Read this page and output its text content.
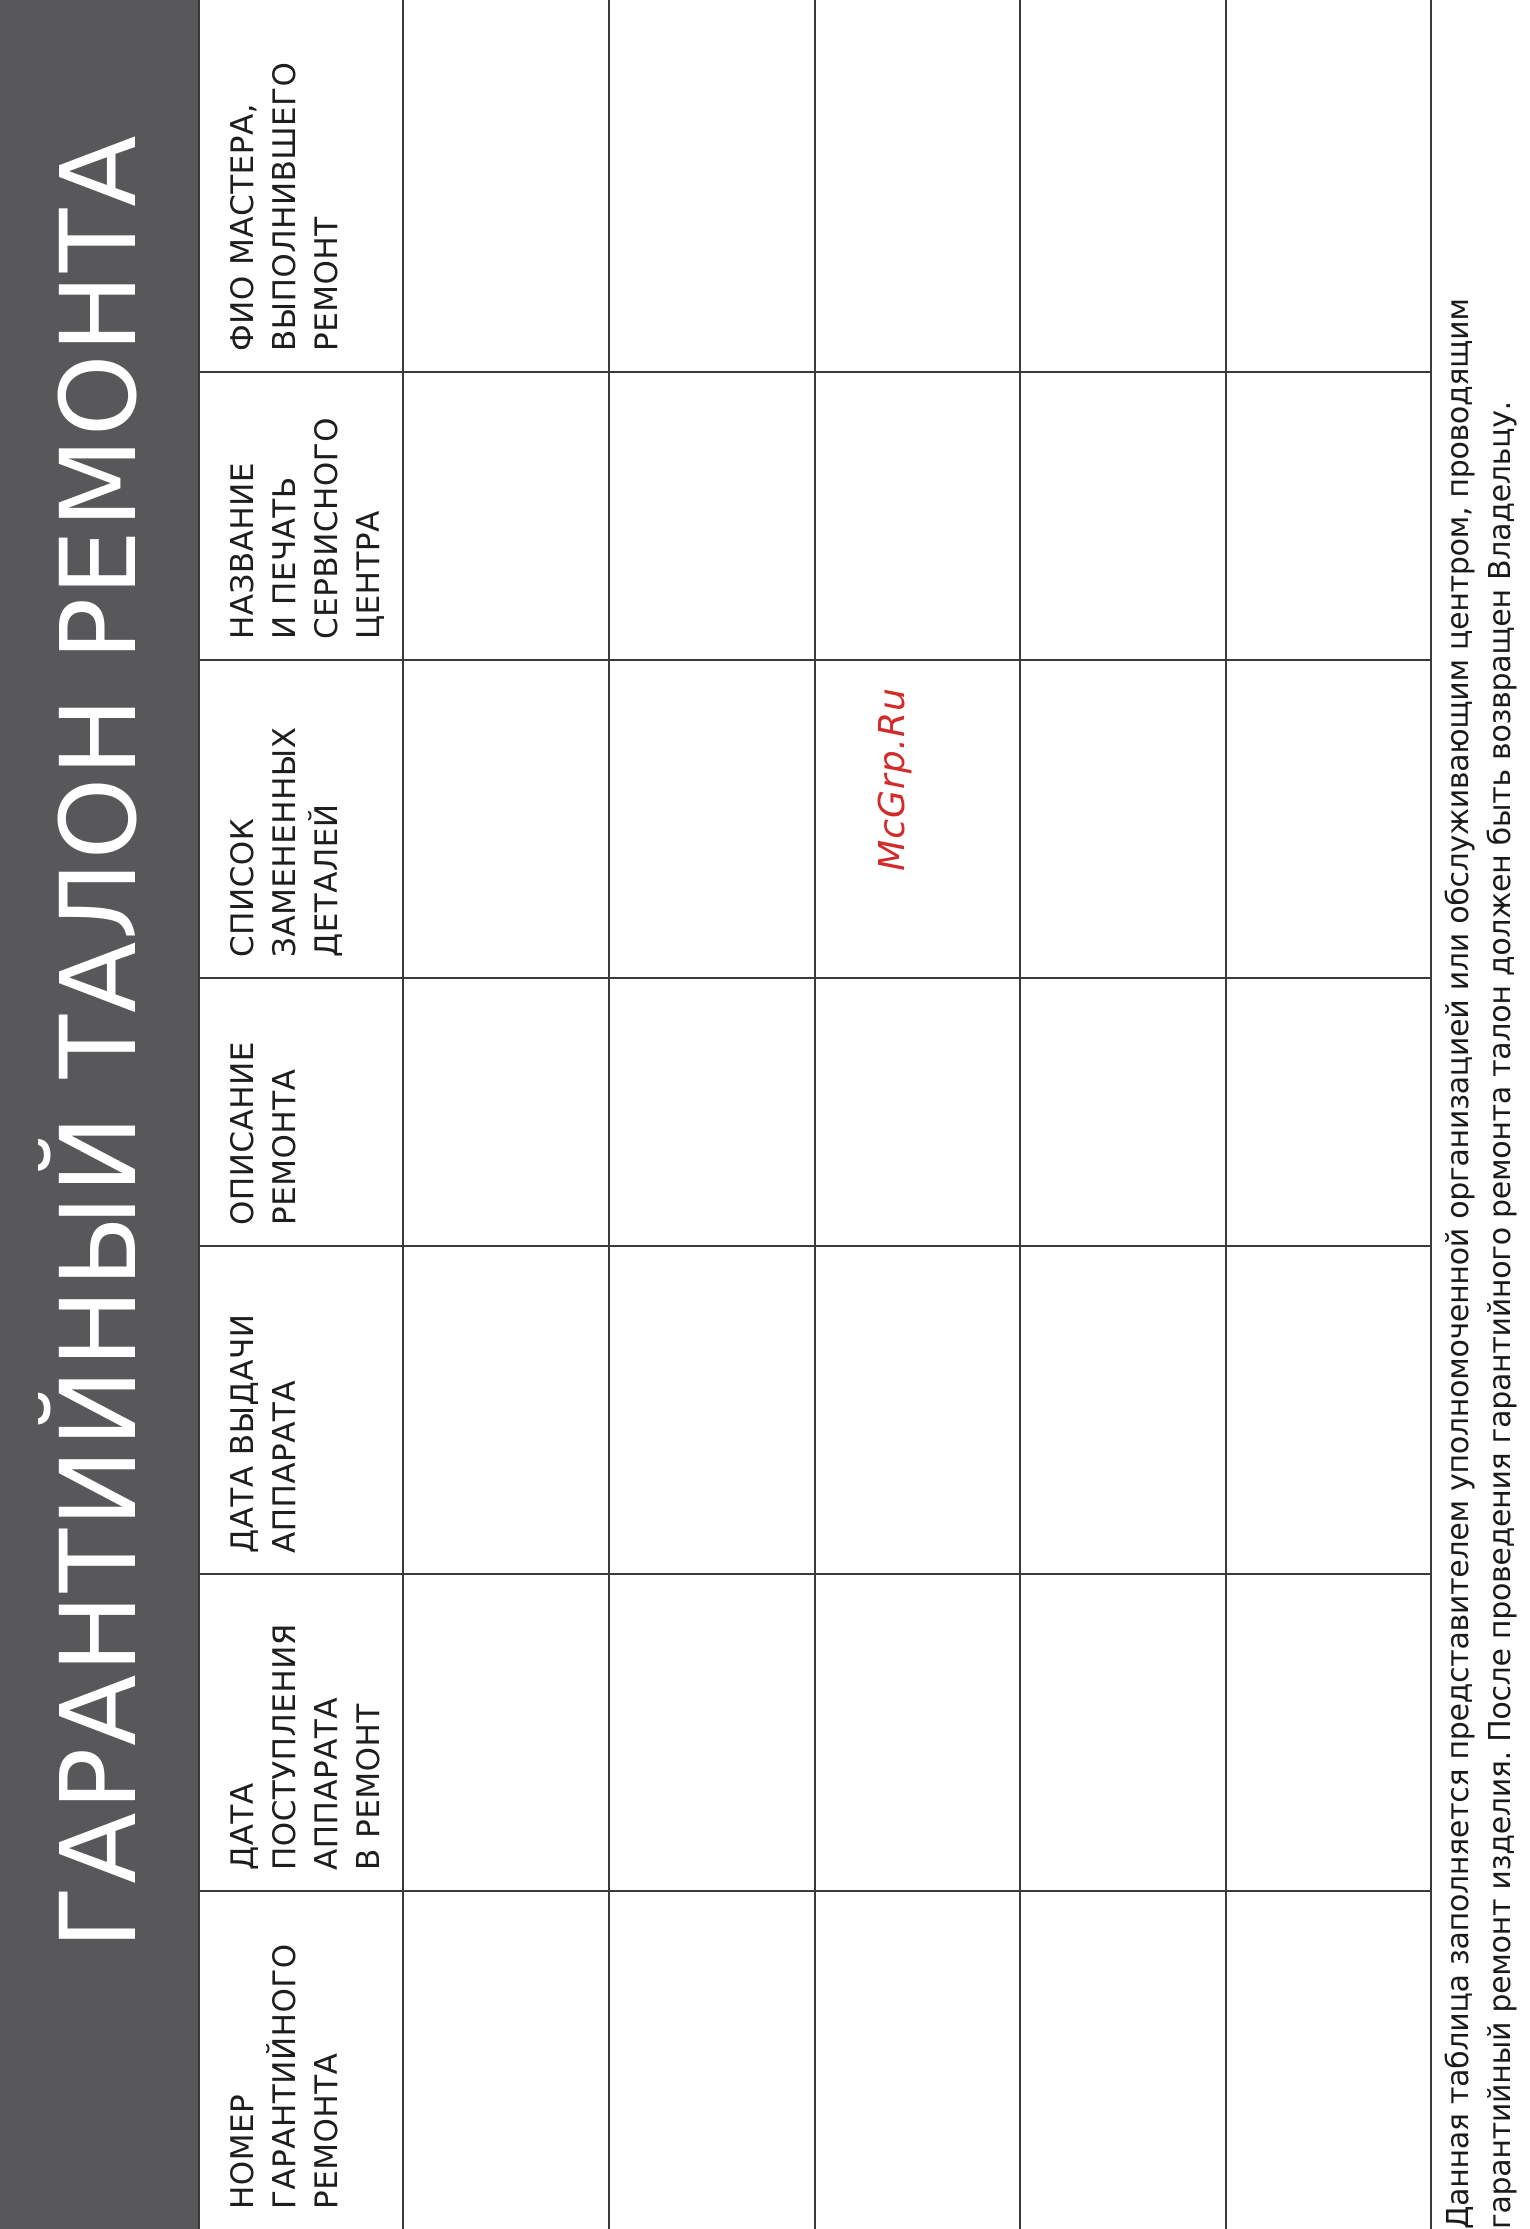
ГАРАНТИЙНЫЙ ТАЛОН РЕМОНТА

НОМЕР ГАРАНТИЙНОГО РЕМОНТА

ДАТА ПОСТУПЛЕНИЯ АППАРАТА В РЕМОНТ

ДАТА ВЫДАЧИ АППАРАТА

ОПИСАНИЕ РЕМОНТА

СПИСОК ЗАМЕНЕННЫХ ДЕТАЛЕЙ

НАЗВАНИЕ И ПЕЧАТЬ СЕРВИСНОГО ЦЕНТРА

ФИО МАСТЕРА, ВЫПОЛНИВШЕГО РЕМОНТ

McGrp.Ru	Данная таблица заполняется представителем уполномоченной организацией или обслуживающим центром, проводящим гарантийный ремонт изделия. После проведения гарантийного ремонта талон должен быть возвращен Владельцу.
